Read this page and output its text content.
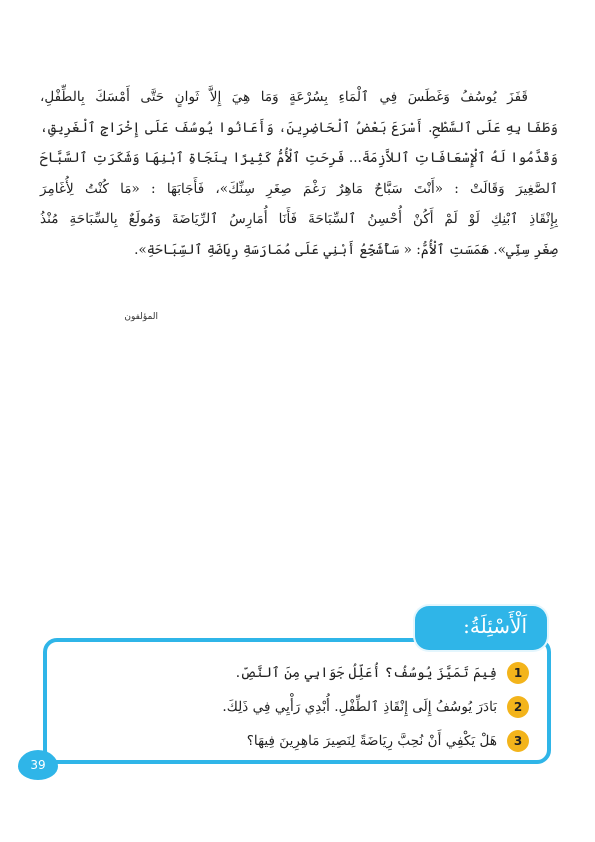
قَفَزَ يُوسُفُ وَغَطَسَ فِي ٱلْمَاءِ بِسُرْعَةٍ وَمَا هِيَ إِلاَّ ثَوانٍ حَتَّى أَمْسَكَ بِالطِّفْلِ،
وَطَفَا بِهِ عَلَى ٱلسَّطْحِ. أَسْرَعَ بَعْضُ ٱلْحَاضِرِينَ، وَأَعَانُوا يُوسُفَ عَلَى إِخْرَاجِ ٱلْغَرِيقِ،
وَقَدَّمُوا لَهُ ٱلْإِسْعَافَاتِ ٱللاَّزِمَةَ... فَرِحَتِ ٱلْأُمُّ كَثِيرًا بِنَجَاةِ ٱبْنِهَا وَشَكَرَتِ ٱلسَّبَّاحَ
ٱلصَّغِيرَ وَقَالَتْ : «أَنْتَ سَبَّاحٌ مَاهِرٌ رَغْمَ صِغَرِ سِنِّكَ»، فَأَجَابَهَا : «مَا كُنْتُ لِأُغَامِرَ
بِإِنْقَاذِ ٱبْنِكِ لَوْ لَمْ أَكُنْ أُحْسِنُ ٱلسِّبَاحَةَ فَأَنَا أُمَارِسُ ٱلرِّيَاضَةَ وَمُولَعٌ بِالسِّبَاحَةِ مُنْذُ
صِغَرِ سِنِّي». هَمَسَتِ ٱلْأُمُّ: « سَأُشَجِّعُ أَبْنِي عَلَى مُمَارَسَةِ رِيَاضَةِ ٱلسِّبَاحَةِ».
المؤلفون
1
فِيمَ تَمَيَّزَ يُوسُفُ؟ أُعَلِّلُ جَوَابِي مِنَ ٱلنَّصِّ.
2
بَادَرَ يُوسُفُ إِلَى إِنْقَاذِ ٱلطِّفْلِ. أُبْدِي رَأْيِي فِي ذَلِكَ.
3
هَلْ يَكْفِي أَنْ نُحِبَّ رِيَاضَةً لِنَصِيرَ مَاهِرِينَ فِيهَا؟
اَلْأَسْئِلَةُ:
39
